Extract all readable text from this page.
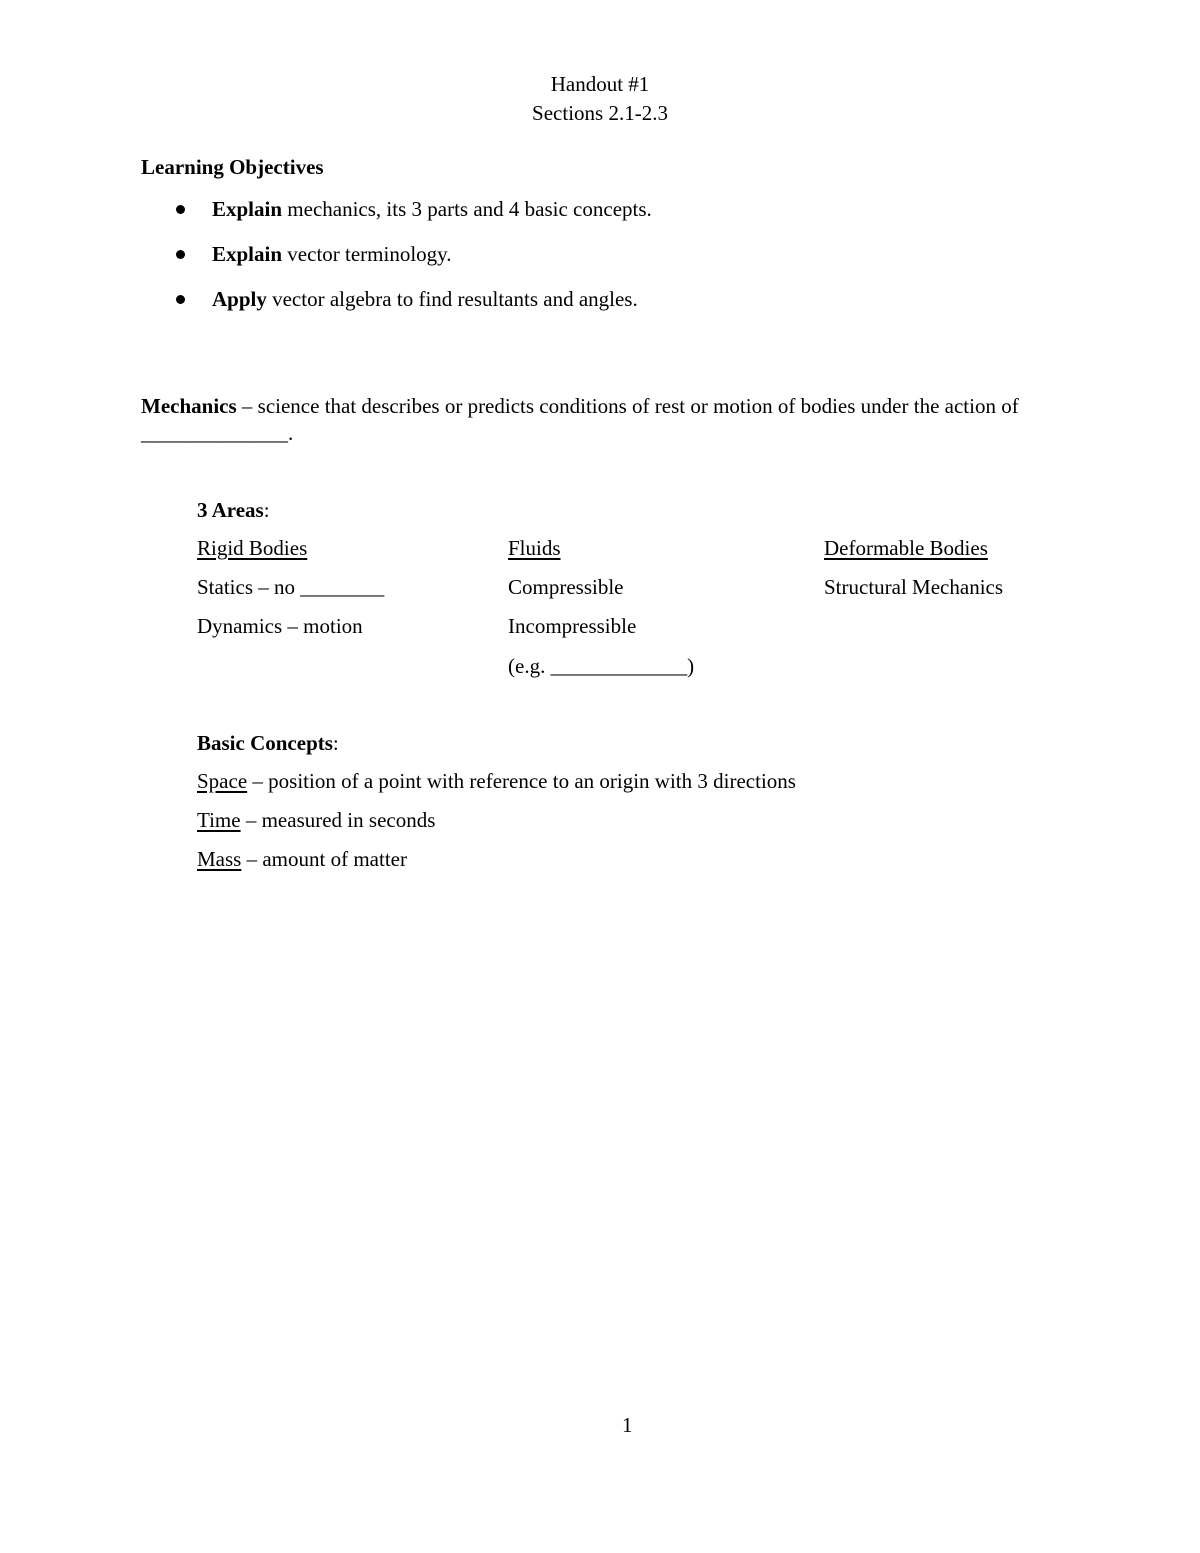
Handout #1
Sections 2.1-2.3
Learning Objectives
Explain mechanics, its 3 parts and 4 basic concepts.
Explain vector terminology.
Apply vector algebra to find resultants and angles.
Mechanics – science that describes or predicts conditions of rest or motion of bodies under the action of ______________.
3 Areas:
Rigid Bodies
Statics – no ________
Dynamics – motion
Fluids
Compressible
Incompressible
(e.g. _____________)
Deformable Bodies
Structural Mechanics
Basic Concepts:
Space – position of a point with reference to an origin with 3 directions
Time – measured in seconds
Mass – amount of matter
1
